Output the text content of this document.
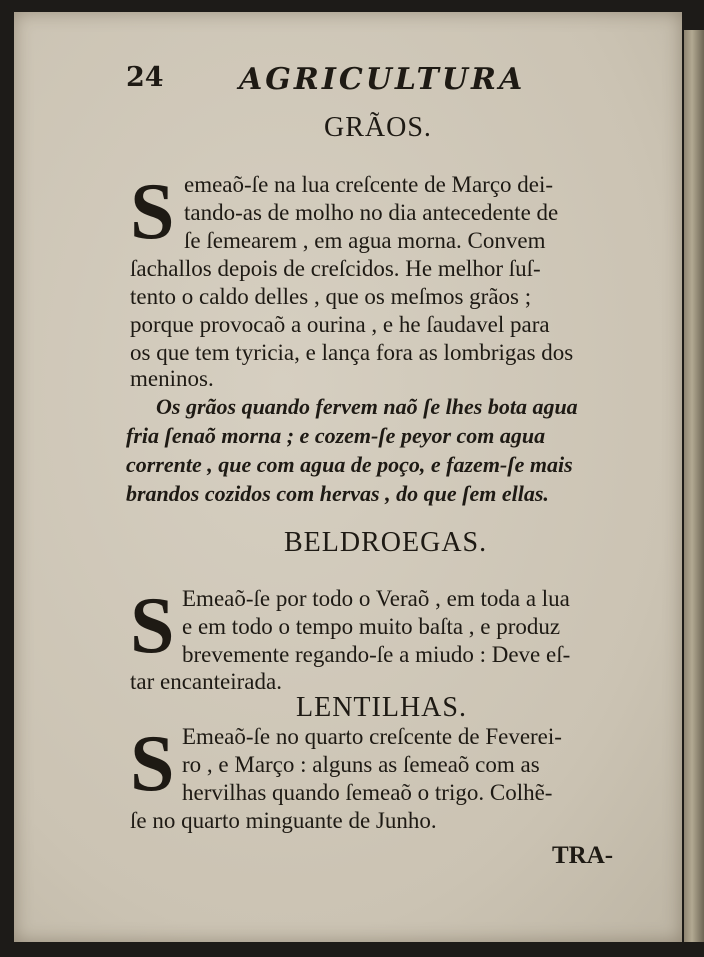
24	AGRICULTURA
GRÃOS.
S emeaõ-ſe na lua creſcente de Março dei-
tando-as de molho no dia antecedente de
ſe ſemearem , em agua morna. Convem
ſachallos depois de creſcidos. He melhor ſuſ-
tento o caldo delles , que os meſmos grãos ;
porque provocaõ a ourina , e he ſaudavel para
os que tem tyricia, e lança fora as lombrigas dos
meninos.
Os grãos quando fervem naõ ſe lhes bota agua
fria ſenaõ morna ; e cozem-ſe peyor com agua
corrente , que com agua de poço, e fazem-ſe mais
brandos cozidos com hervas , do que ſem ellas.
BELDROEGAS.
S Emeaõ-ſe por todo o Veraõ , em toda a lua
e em todo o tempo muito baſta , e produz
brevemente regando-ſe a miudo : Deve eſ-
tar encanteirada.
LENTILHAS.
S Emeaõ-ſe no quarto creſcente de Feverei-
ro , e Março : alguns as ſemeaõ com as
hervilhas quando ſemeaõ o trigo. Colhẽ-
ſe no quarto minguante de Junho.
TRA-
